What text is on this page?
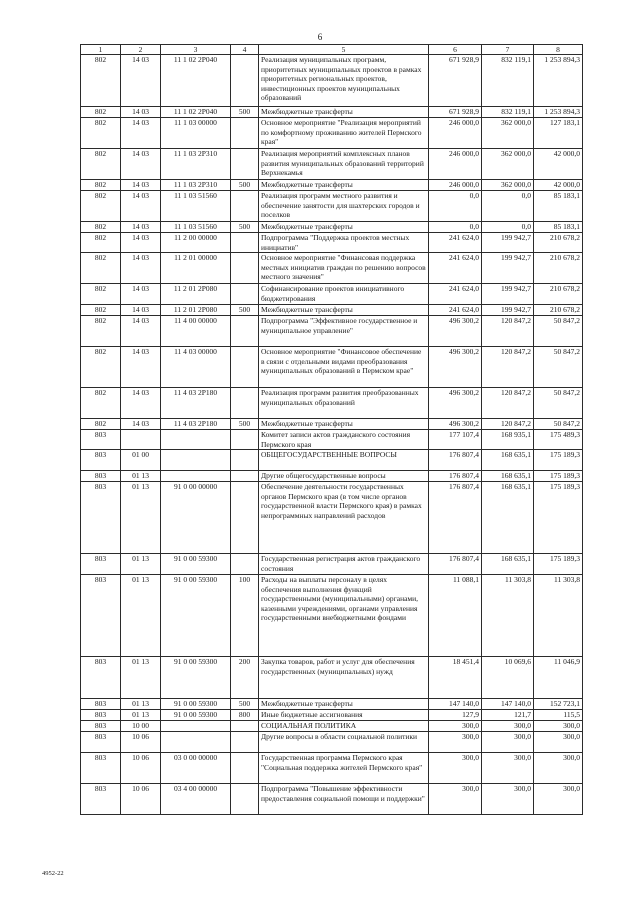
6
1	2	3	4	5	6	7	8
802	14 03	11 1 02 2P040		Реализация муниципальных программ, приоритетных муниципальных проектов в рамках приоритетных региональных проектов, инвестиционных проектов муниципальных образований	671 928,9	832 119,1	1 253 894,3
802	14 03	11 1 02 2P040	500	Межбюджетные трансферты	671 928,9	832 119,1	1 253 894,3
802	14 03	11 1 03 00000		Основное мероприятие "Реализация мероприятий по комфортному проживанию жителей Пермского края"	246 000,0	362 000,0	127 183,1
802	14 03	11 1 03 2P310		Реализация мероприятий комплексных планов развития муниципальных образований территорий Верхнекамья	246 000,0	362 000,0	42 000,0
802	14 03	11 1 03 2P310	500	Межбюджетные трансферты	246 000,0	362 000,0	42 000,0
802	14 03	11 1 03 51560		Реализация программ местного развития и обеспечение занятости для шахтерских городов и поселков	0,0	0,0	85 183,1
802	14 03	11 1 03 51560	500	Межбюджетные трансферты	0,0	0,0	85 183,1
802	14 03	11 2 00 00000		Подпрограмма "Поддержка проектов местных инициатив"	241 624,0	199 942,7	210 678,2
802	14 03	11 2 01 00000		Основное мероприятие "Финансовая поддержка местных инициатив граждан по решению вопросов местного значения"	241 624,0	199 942,7	210 678,2
802	14 03	11 2 01 2P080		Софинансирование проектов инициативного бюджетирования	241 624,0	199 942,7	210 678,2
802	14 03	11 2 01 2P080	500	Межбюджетные трансферты	241 624,0	199 942,7	210 678,2
802	14 03	11 4 00 00000		Подпрограмма "Эффективное государственное и муниципальное управление"	496 300,2	120 847,2	50 847,2
802	14 03	11 4 03 00000		Основное мероприятие "Финансовое обеспечение в связи с отдельными видами преобразования муниципальных образований в Пермском крае"	496 300,2	120 847,2	50 847,2
802	14 03	11 4 03 2P180		Реализация программ развития преобразованных муниципальных образований	496 300,2	120 847,2	50 847,2
802	14 03	11 4 03 2P180	500	Межбюджетные трансферты	496 300,2	120 847,2	50 847,2
803				Комитет записи актов гражданского состояния Пермского края	177 107,4	168 935,1	175 489,3
803	01 00			ОБЩЕГОСУДАРСТВЕННЫЕ ВОПРОСЫ	176 807,4	168 635,1	175 189,3
803	01 13			Другие общегосударственные вопросы	176 807,4	168 635,1	175 189,3
803	01 13	91 0 00 00000		Обеспечение деятельности государственных органов Пермского края (в том числе органов государственной власти Пермского края) в рамках непрограммных направлений расходов	176 807,4	168 635,1	175 189,3
803	01 13	91 0 00 59300		Государственная регистрация актов гражданского состояния	176 807,4	168 635,1	175 189,3
803	01 13	91 0 00 59300	100	Расходы на выплаты персоналу в целях обеспечения выполнения функций государственными (муниципальными) органами, казенными учреждениями, органами управления государственными внебюджетными фондами	11 088,1	11 303,8	11 303,8
803	01 13	91 0 00 59300	200	Закупка товаров, работ и услуг для обеспечения государственных (муниципальных) нужд	18 451,4	10 069,6	11 046,9
803	01 13	91 0 00 59300	500	Межбюджетные трансферты	147 140,0	147 140,0	152 723,1
803	01 13	91 0 00 59300	800	Иные бюджетные ассигнования	127,9	121,7	115,5
803	10 00			СОЦИАЛЬНАЯ ПОЛИТИКА	300,0	300,0	300,0
803	10 06			Другие вопросы в области социальной политики	300,0	300,0	300,0
803	10 06	03 0 00 00000		Государственная программа Пермского края "Социальная поддержка жителей Пермского края"	300,0	300,0	300,0
803	10 06	03 4 00 00000		Подпрограмма "Повышение эффективности предоставления социальной помощи и поддержки"	300,0	300,0	300,0
4952-22
